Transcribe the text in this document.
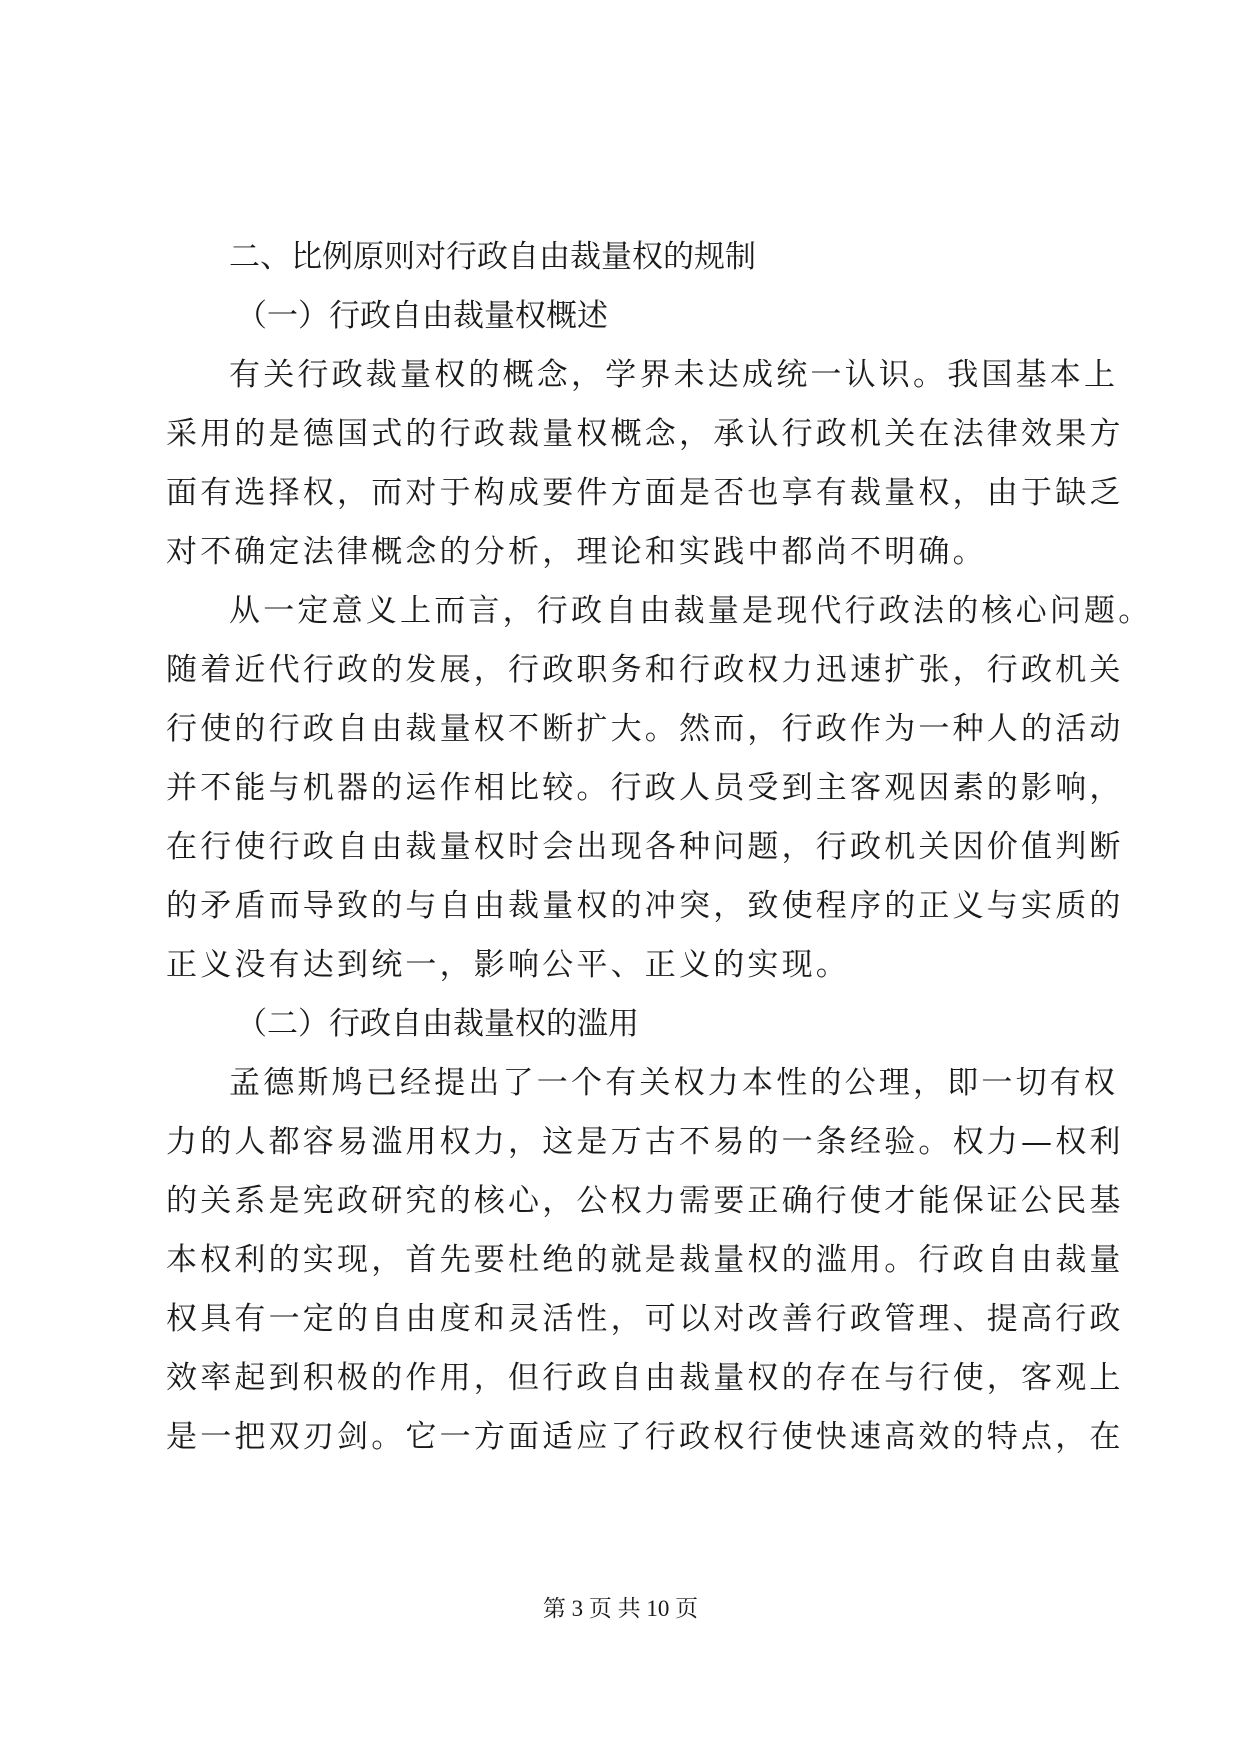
二、比例原则对行政自由裁量权的规制

（一）行政自由裁量权概述

有关行政裁量权的概念，学界未达成统一认识。我国基本上
采用的是德国式的行政裁量权概念，承认行政机关在法律效果方
面有选择权，而对于构成要件方面是否也享有裁量权，由于缺乏
对不确定法律概念的分析，理论和实践中都尚不明确。

从一定意义上而言，行政自由裁量是现代行政法的核心问题。
随着近代行政的发展，行政职务和行政权力迅速扩张，行政机关
行使的行政自由裁量权不断扩大。然而，行政作为一种人的活动
并不能与机器的运作相比较。行政人员受到主客观因素的影响，
在行使行政自由裁量权时会出现各种问题，行政机关因价值判断
的矛盾而导致的与自由裁量权的冲突，致使程序的正义与实质的
正义没有达到统一，影响公平、正义的实现。

（二）行政自由裁量权的滥用

孟德斯鸠已经提出了一个有关权力本性的公理，即一切有权
力的人都容易滥用权力，这是万古不易的一条经验。权力—权利
的关系是宪政研究的核心，公权力需要正确行使才能保证公民基
本权利的实现，首先要杜绝的就是裁量权的滥用。行政自由裁量
权具有一定的自由度和灵活性，可以对改善行政管理、提高行政
效率起到积极的作用，但行政自由裁量权的存在与行使，客观上
是一把双刃剑。它一方面适应了行政权行使快速高效的特点，在

第 3 页 共 10 页
